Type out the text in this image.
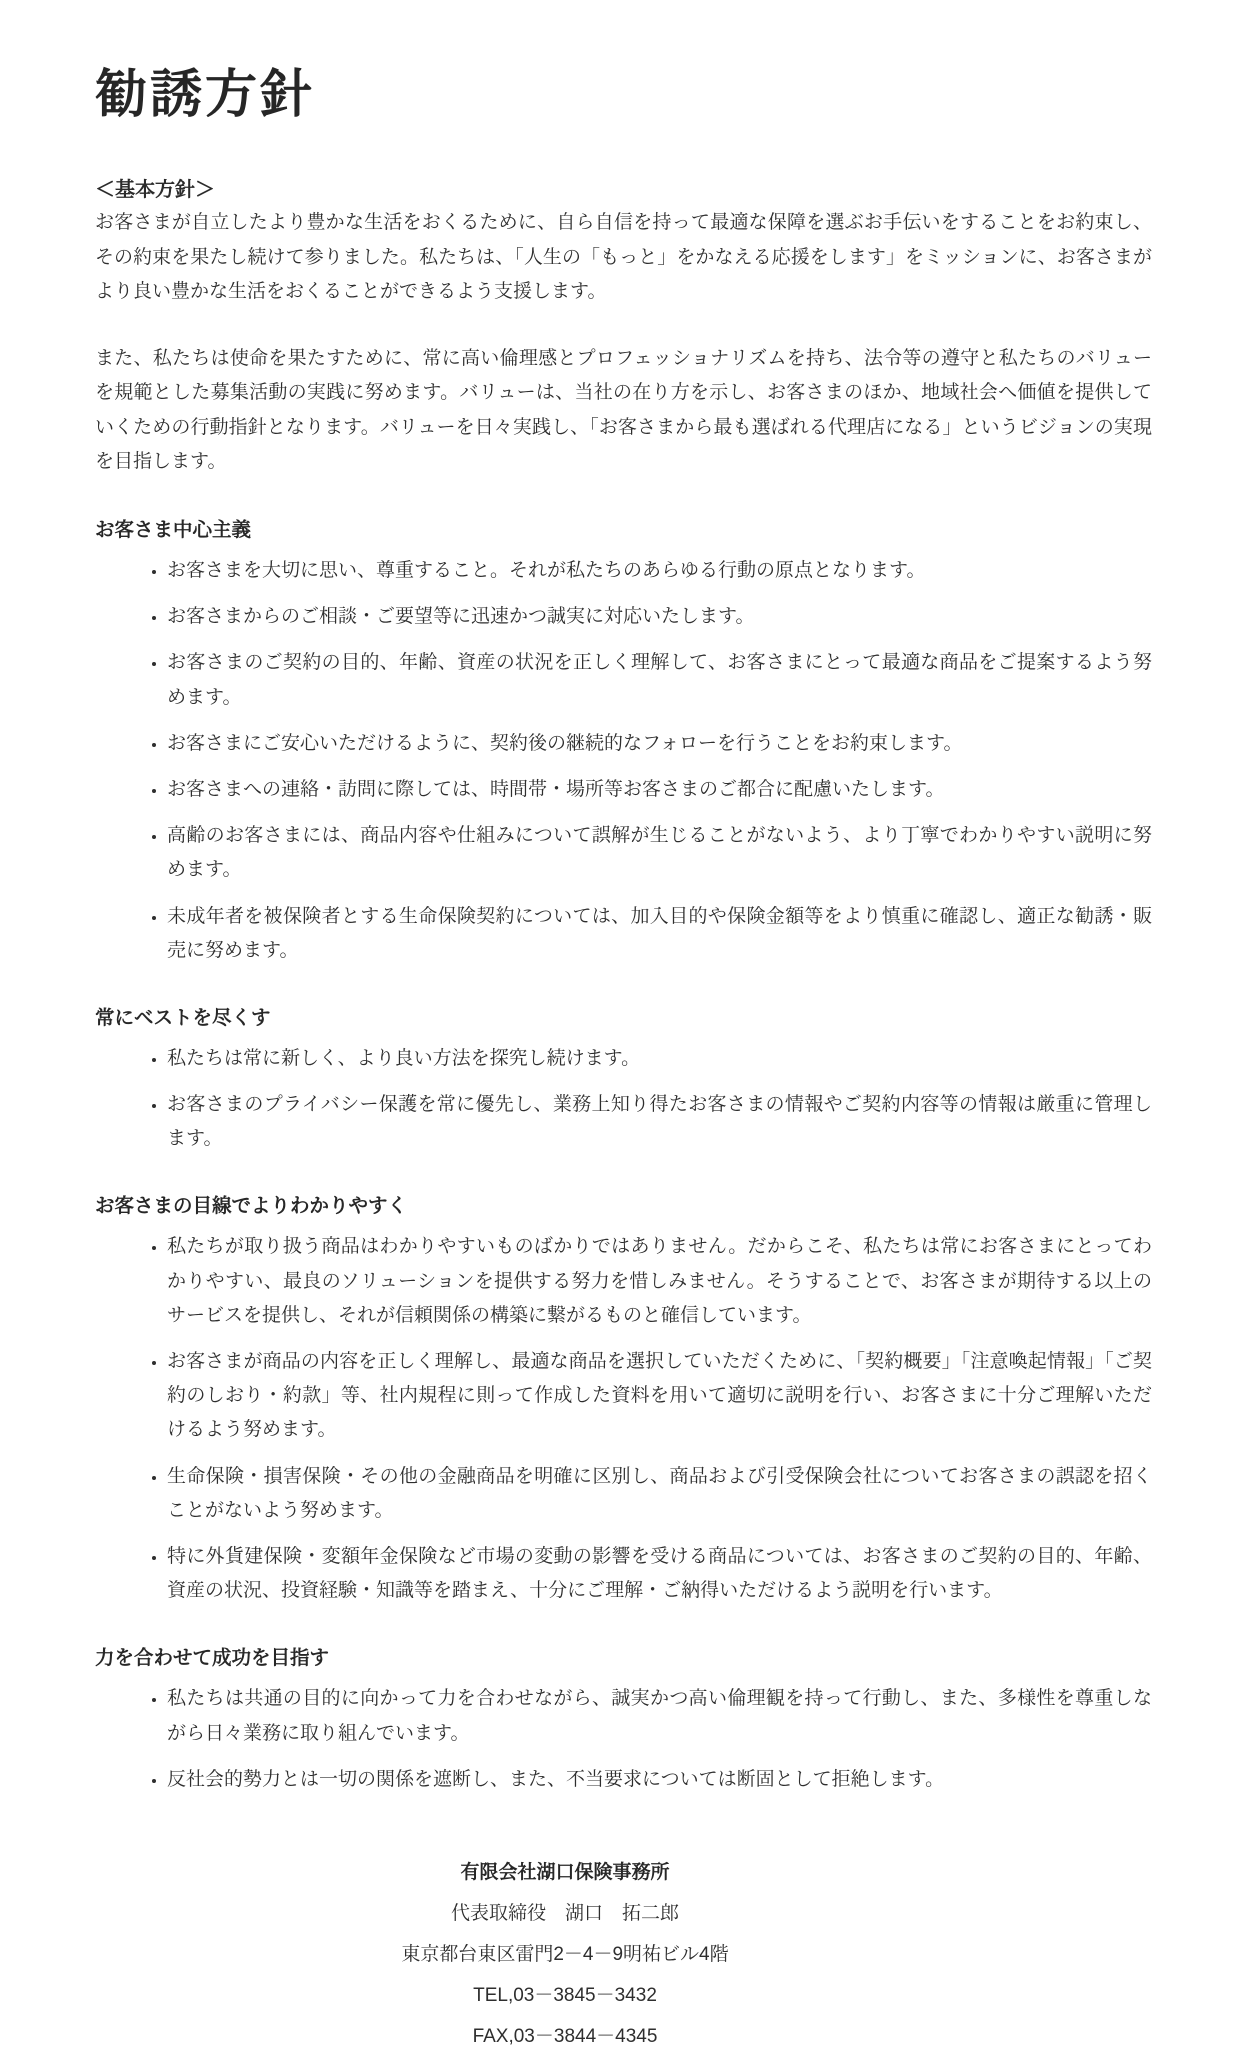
勧誘方針
＜基本方針＞

お客さまが自立したより豊かな生活をおくるために、自ら自信を持って最適な保障を選ぶお手伝いをすることをお約束し、その約束を果たし続けて参りました。私たちは、「人生の「もっと」をかなえる応援をします」をミッションに、お客さまがより良い豊かな生活をおくることができるよう支援します。

また、私たちは使命を果たすために、常に高い倫理感とプロフェッショナリズムを持ち、法令等の遵守と私たちのバリューを規範とした募集活動の実践に努めます。バリューは、当社の在り方を示し、お客さまのほか、地域社会へ価値を提供していくための行動指針となります。バリューを日々実践し、「お客さまから最も選ばれる代理店になる」というビジョンの実現を目指します。

お客さま中心主義
• お客さまを大切に思い、尊重すること。それが私たちのあらゆる行動の原点となります。
• お客さまからのご相談・ご要望等に迅速かつ誠実に対応いたします。
• お客さまのご契約の目的、年齢、資産の状況を正しく理解して、お客さまにとって最適な商品をご提案するよう努めます。
• お客さまにご安心いただけるように、契約後の継続的なフォローを行うことをお約束します。
• お客さまへの連絡・訪問に際しては、時間帯・場所等お客さまのご都合に配慮いたします。
• 高齢のお客さまには、商品内容や仕組みについて誤解が生じることがないよう、より丁寧でわかりやすい説明に努めます。
• 未成年者を被保険者とする生命保険契約については、加入目的や保険金額等をより慎重に確認し、適正な勧誘・販売に努めます。
常にベストを尽くす
• 私たちは常に新しく、より良い方法を探究し続けます。
• お客さまのプライバシー保護を常に優先し、業務上知り得たお客さまの情報やご契約内容等の情報は厳重に管理します。
お客さまの目線でよりわかりやすく
• 私たちが取り扱う商品はわかりやすいものばかりではありません。だからこそ、私たちは常にお客さまにとってわかりやすい、最良のソリューションを提供する努力を惜しみません。そうすることで、お客さまが期待する以上のサービスを提供し、それが信頼関係の構築に繋がるものと確信しています。
• お客さまが商品の内容を正しく理解し、最適な商品を選択していただくために、「契約概要」「注意喚起情報」「ご契約のしおり・約款」等、社内規程に則って作成した資料を用いて適切に説明を行い、お客さまに十分ご理解いただけるよう努めます。
• 生命保険・損害保険・その他の金融商品を明確に区別し、商品および引受保険会社についてお客さまの誤認を招くことがないよう努めます。
• 特に外貨建保険・変額年金保険など市場の変動の影響を受ける商品については、お客さまのご契約の目的、年齢、資産の状況、投資経験・知識等を踏まえ、十分にご理解・ご納得いただけるよう説明を行います。
力を合わせて成功を目指す
• 私たちは共通の目的に向かって力を合わせながら、誠実かつ高い倫理観を持って行動し、また、多様性を尊重しながら日々業務に取り組んでいます。
• 反社会的勢力とは一切の関係を遮断し、また、不当要求については断固として拒絶します。

有限会社湖口保険事務所

代表取締役　湖口　拓二郎

東京都台東区雷門2－4－9明祐ビル4階

TEL,03－3845－3432

FAX,03－3844－4345
